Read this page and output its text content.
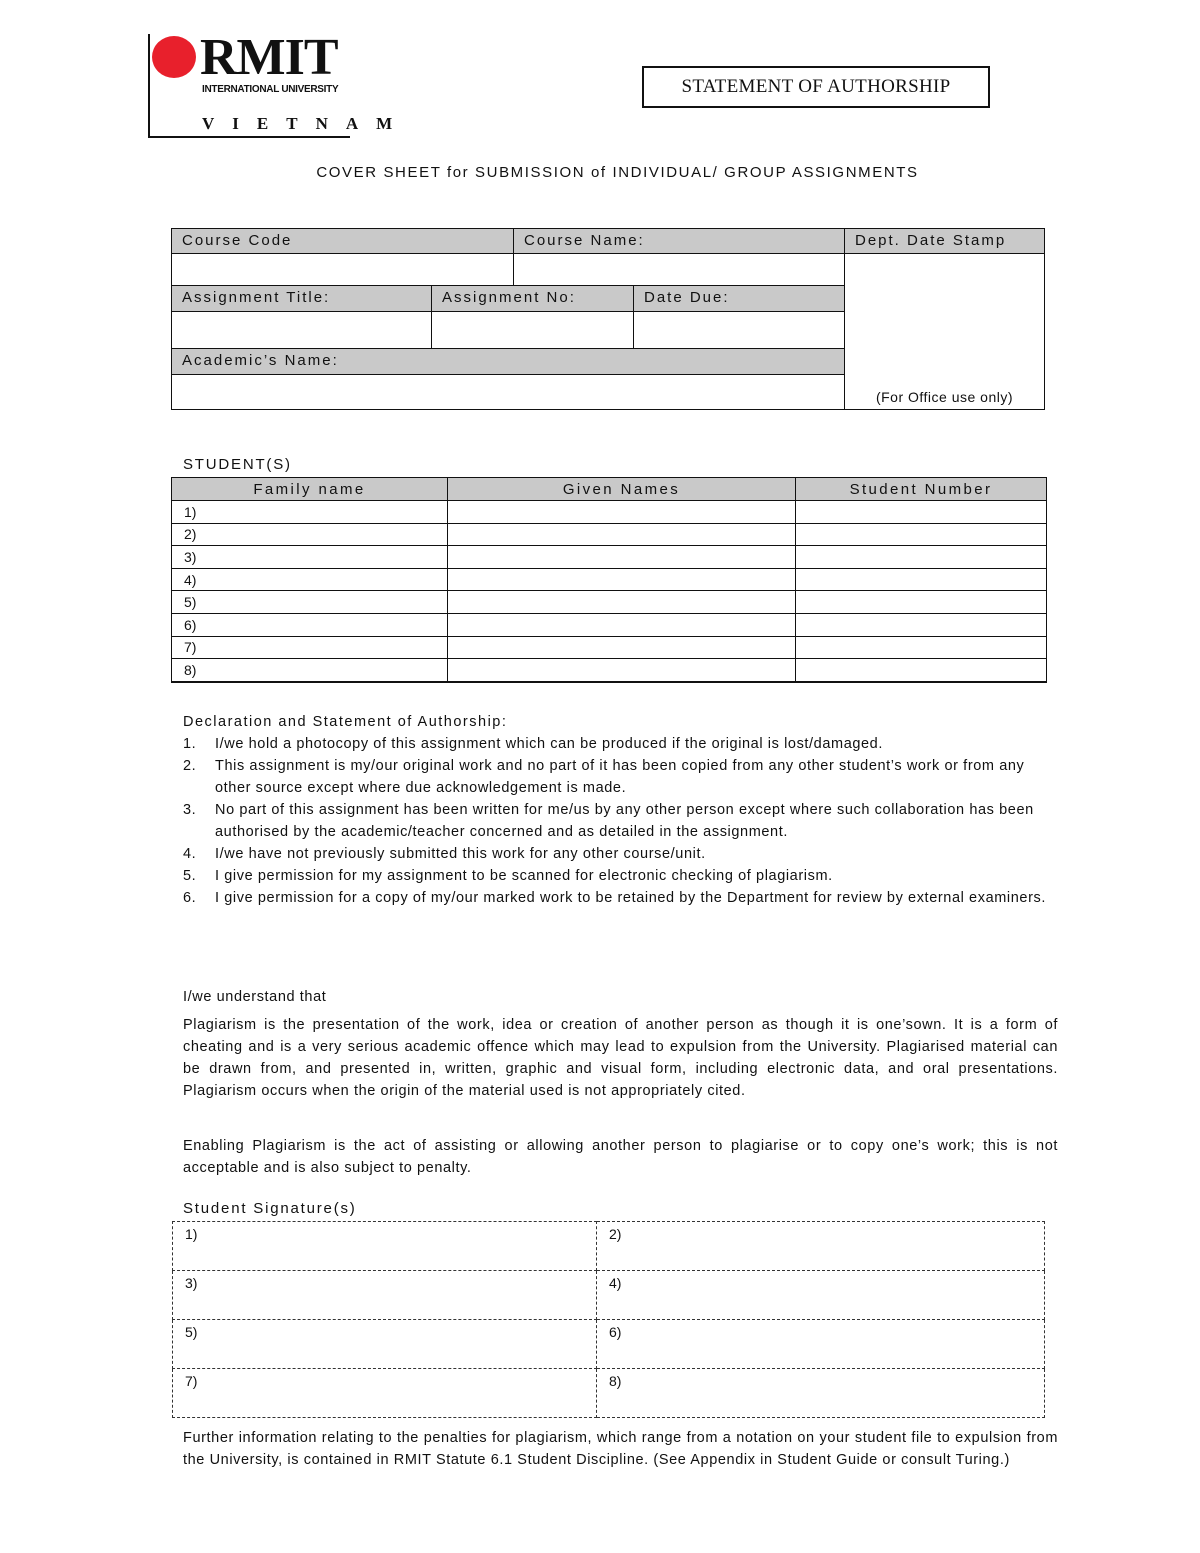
RMIT
INTERNATIONAL UNIVERSITY
VIETNAM
STATEMENT OF AUTHORSHIP
COVER SHEET for SUBMISSION of INDIVIDUAL/ GROUP ASSIGNMENTS
Course Code	Course Name:	Dept. Date Stamp
(For Office use only)
Assignment Title:	Assignment No:	Date Due:
Academic’s Name:
STUDENT(S)
Family name	Given Names	Student Number
1)		
2)		
3)		
4)		
5)		
6)		
7)		
8)		
Declaration and Statement of Authorship:
1.	I/we hold a photocopy of this assignment which can be produced if the original is lost/damaged.
2.	This assignment is my/our original work and no part of it has been copied from any other student’s work or from any other source except where due acknowledgement is made.
3.	No part of this assignment has been written for me/us by any other person except where such collaboration has been authorised by the academic/teacher concerned and as detailed in the assignment.
4.	I/we have not previously submitted this work for any other course/unit.
5.	I give permission for my assignment to be scanned for electronic checking of plagiarism.
6.	I give permission for a copy of my/our marked work to be retained by the Department for review by external examiners.
I/we understand that
Plagiarism is the presentation of the work, idea or creation of another person as though it is one’sown. It is a form of cheating and is a very serious academic offence which may lead to expulsion from the University. Plagiarised material can be drawn from, and presented in, written, graphic and visual form, including electronic data, and oral presentations. Plagiarism occurs when the origin of the material used is not appropriately cited.
Enabling Plagiarism is the act of assisting or allowing another person to plagiarise or to copy one’s work; this is not acceptable and is also subject to penalty.
Student Signature(s)
1)	2)
3)	4)
5)	6)
7)	8)
Further information relating to the penalties for plagiarism, which range from a notation on your student file to expulsion from the University, is contained in RMIT Statute 6.1 Student Discipline. (See Appendix in Student Guide or consult Turing.)
